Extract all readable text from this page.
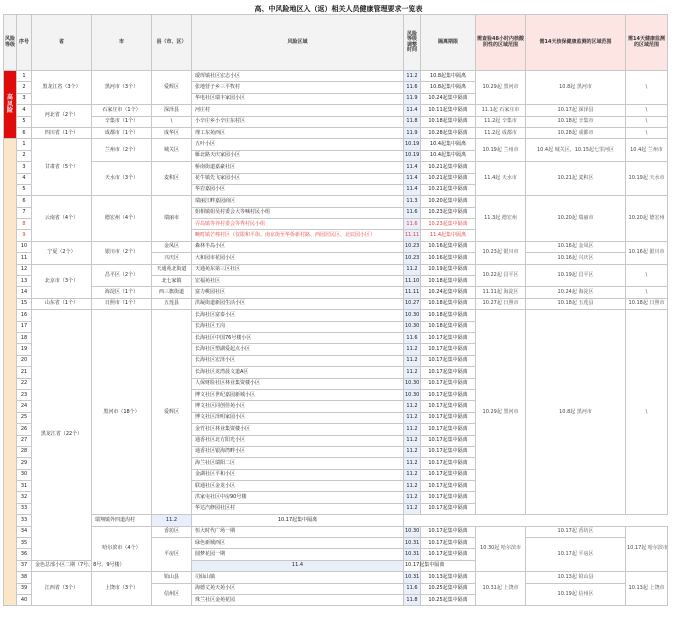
高、中风险地区入（返）相关人员健康管理要求一览表
风险等级	序号	省	市	县（市、区）	风险区域	风险等级调整时间	隔离期限	需查验48小时内核酸阴性的区域范围	需14天核保健康监测的区域范围	需14天健康监测的区域范围
高风险	1	黑龙江省（3个）	黑河市（3个）	爱辉区	瑷珲镇社区宏志小区	11.2	10.8起集中隔离	10.29起 黑河市	10.8起 黑河市	\
	2				张地营子乡三平牧村	11.6	10.8起集中隔离			
	3				华电社区瑞丰家园小区	11.9	10.24起集中隔离			
	4	河北省（2个）	石家庄市（1个）	深泽县	河庄村	11.4	10.11起集中隔离	11.1起 石家庄市	10.17起 深泽县	\
	5		辛集市（1个）	\	小辛庄乡小辛庄东村区	11.8	10.18起集中隔离	11.2起 辛集市	10.18起 辛集市	\
	6	四川省（1个）	成都市（1个）	成华区	理工东苑西区	11.9	10.28起集中隔离	11.2起 成都市	10.28起 成都市	\
	1	甘肃省（5个）	兰州市（2个）	城关区	五叶小区	10.19	10.4起集中隔离	10.19起 兰州市	10.4起 城关区，10.15起七里河区	10.4起 兰州市
	2				雁北路天庆家园小区	10.19	10.4起集中隔离			
	3		天水市（3个）	麦积区	桥南街道嘉豪社区	11.4	10.21起集中隔离	11.4起 天水市	10.21起 麦积区	10.19起 天水市
	4				花牛镇先飞家园小区	11.4	10.21起集中隔离			
	5				华岩嘉园小区	11.4	10.21起集中隔离			
	6	云南省（4个）	德宏州（4个）	瑞丽市	瑞丽江畔嘉园商区	11.3	10.20起集中隔离	11.3起 德宏州	10.20起 瑞丽市	10.20起 德宏州
	7				姐相镇姐吴村委会大等喊村民小组	11.6	10.23起集中隔离			
	8				弄岛镇等养村委会等秀村民小组	11.6	10.23起集中隔离			
	9				畹町镇芒棒村区（仅限和平街、南京街至华侨新村路、西园居民区、北辰园小区）	11.11	11.4起集中隔离			
	10	宁夏（2个）	银川市（2个）	金凤区	森林半岛小区	10.23	10.16起集中隔离	10.23起 银川市	10.16起 金凤区	10.16起 银川市
	11			兴庆区	大和园市花园小区	10.23	10.16起集中隔离		10.16起 兴庆区	
	12	北京市（3个）	昌平区（2个）	天通苑北街道	天通苑东第三区社区	11.2	10.19起集中隔离	10.22起 昌平区	10.19起 昌平区	\
	13			北七家镇	宏福苑社区	11.10	10.18起集中隔离			
	14		海淀区（1个）	西三旗街道	富力桃园社区	11.11	10.24起集中隔离	11.11起 海淀区	10.24起 海淀区	\
	15	山东省（1个）	日照市（1个）	五莲县	洪凝街道新园生活小区	10.27	10.18起集中隔离	10.27起 日照市	10.18起 五莲县	10.18起 日照市
	16	黑龙江省（22个）	黑河市（18个）	爱辉区	长海社区富泰小区	10.30	10.18起集中隔离	10.29起 黑河市	10.8起 黑河市	\
	17				长海社区王岗	10.30	10.18起集中隔离			
	18				长海社区中国76号楼小区	11.6	10.17起集中隔离			
	19				长海社区塑湖爱起点小区	11.2	10.17起集中隔离			
	20				长海社区宏泽小区	11.2	10.17起集中隔离			
	21				长海社区龙湾晨文道A区	11.2	10.17起集中隔离			
	22				人保财险社区林业集资楼小区	10.30	10.17起集中隔离			
	23				博文社区世纪嘉园新城小区	10.30	10.17起集中隔离			
	24				博文社区同创佳苑小区	11.2	10.17起集中隔离			
	25				博文社区泽明家园小区	11.2	10.17起集中隔离			
	26				金竹社区林业集资楼小区	11.2	10.17起集中隔离			
	27				通香社区北方阳光小区	11.2	10.17起集中隔离			
	28				通香社区银海湾畔小区	11.2	10.17起集中隔离			
	29				海兰社区瑞阳二区	11.2	10.17起集中隔离			
	30				金湖社区平和小区	11.2	10.17起集中隔离			
	31				联通社区金龙小区	11.2	10.17起集中隔离			
	32				洪家屯社区中房90号楼	11.2	10.17起集中隔离			
	33				华达汽修园社区村	11.2	10.17起集中隔离			
	33		瑞翔镇外四道沟村	11.2	10.17起集中隔离					
	34		哈尔滨市（4个）	香坊区	恒大时代广场一期	10.30	10.17起集中隔离	10.30起 哈尔滨市	10.17起 香坊区	10.17起 哈尔滨市
	35			平房区	绿色新城西区	10.31	10.17起集中隔离		10.17起 平房区	
	36				圆梦花园一期	10.31	10.17起集中隔离			
	37	金色总部小区二期（7号、8号、9号楼）			11.4	10.17起集中隔离				
	38	江西省（3个）	上饶市（3个）	铅山县	司仙山镇	10.31	10.13起集中隔离	10.31起 上饶市	10.13起 铅山县	10.13起 上饶市
	39			信州区	海德丈苑天苑小区	11.6	10.25起集中隔离		10.19起 信州区	
	40				珠兰社区金苑花园	11.8	10.25起集中隔离			
